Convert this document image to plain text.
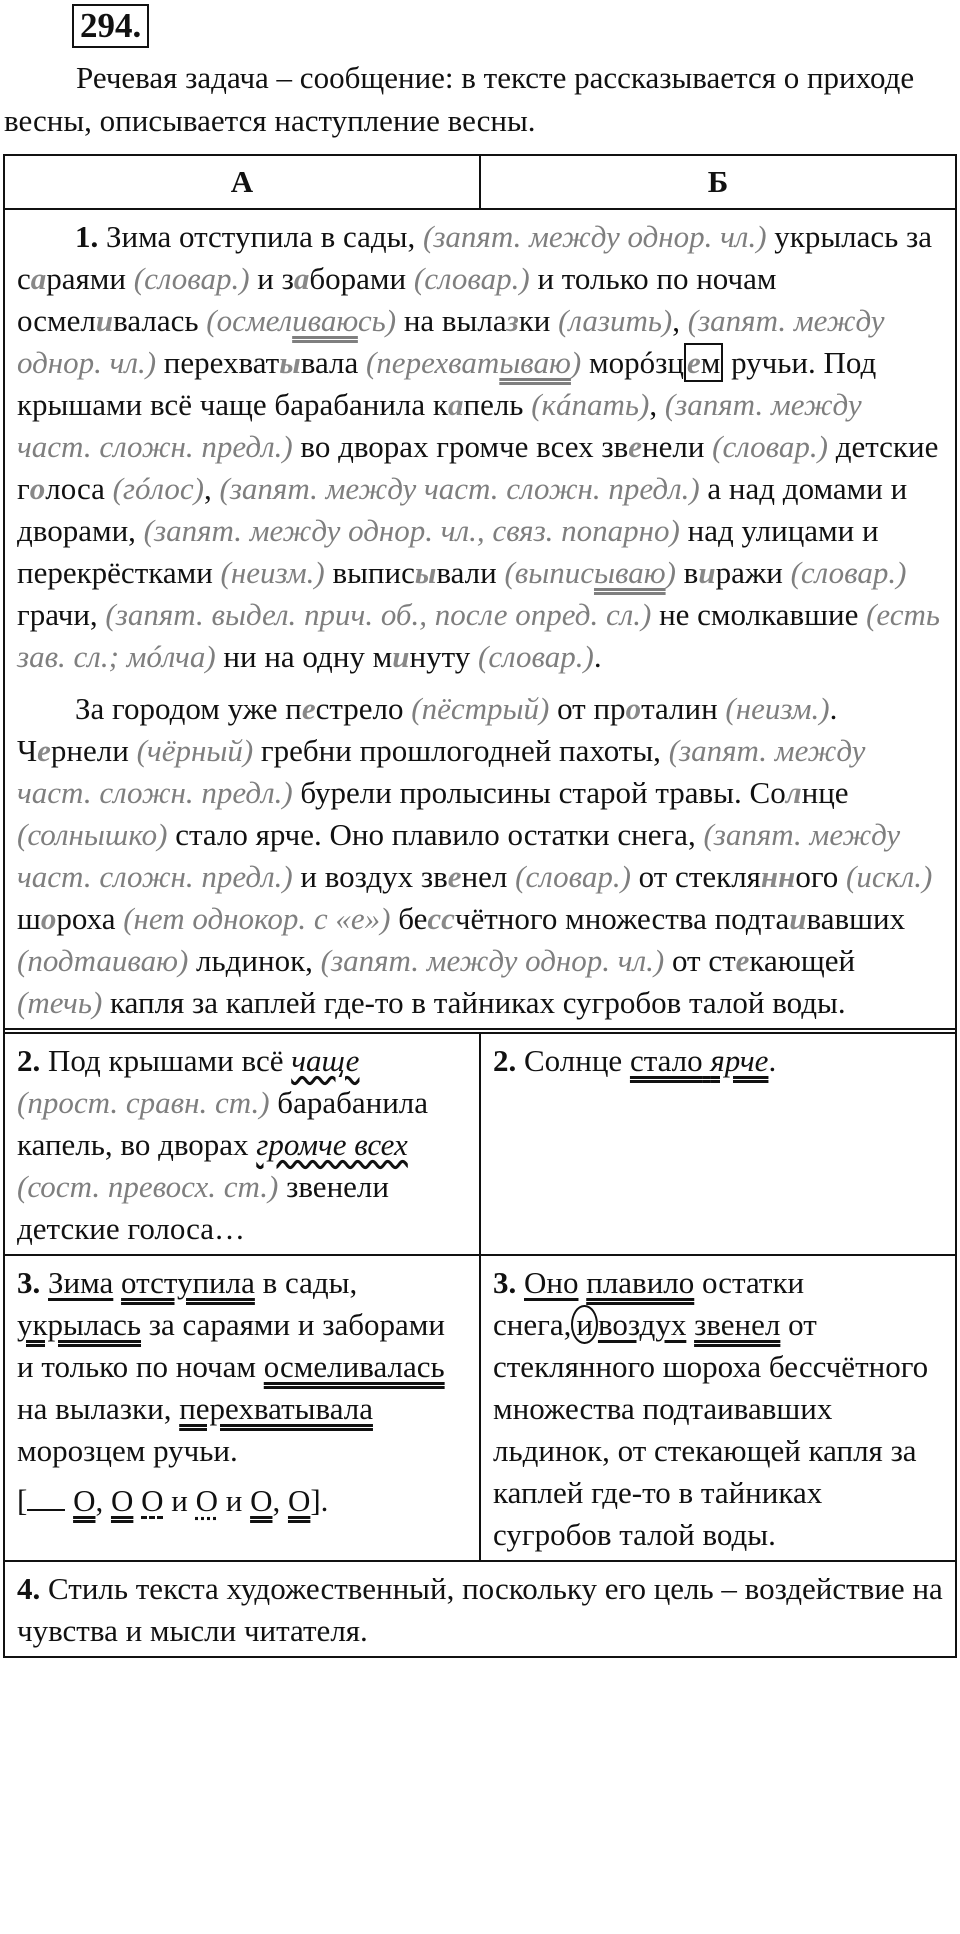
294.

Речевая задача – сообщение: в тексте рассказывается о приходе весны, описывается наступление весны.

А	Б

1. Зима отступила в сады, (запят. между однор. чл.) укрылась за сараями (словар.) и заборами (словар.) и только по ночам осмеливалась (осмеливаюсь) на вылазки (лазить), (запят. между однор. чл.) перехватывала (перехватываю) морóзцем ручьи. Под крышами всё чаще барабанила капель (кáпать), (запят. между част. сложн. предл.) во дворах громче всех звенели (словар.) детские голоса (гóлос), (запят. между част. сложн. предл.) а над домами и дворами, (запят. между однор. чл., связ. попарно) над улицами и перекрёстками (неизм.) выписывали (выписываю) виражи (словар.) грачи, (запят. выдел. прич. об., после опред. сл.) не смолкавшие (есть зав. сл.; мóлча) ни на одну минуту (словар.).

За городом уже пестрело (пёстрый) от проталин (неизм.). Чернели (чёрный) гребни прошлогодней пахоты, (запят. между част. сложн. предл.) бурели пролысины старой травы. Солнце (солнышко) стало ярче. Оно плавило остатки снега, (запят. между част. сложн. предл.) и воздух звенел (словар.) от стеклянного (искл.) шороха (нет однокор. с «е») бессчётного множества подтаивавших (подтаиваю) льдинок, (запят. между однор. чл.) от стекающей (течь) капля за каплей где-то в тайниках сугробов талой воды.	

2. Под крышами всё чаще (прост. сравн. ст.) барабанила капель, во дворах громче всех (сост. превосх. ст.) звенели детские голоса…	2. Солнце стало ярче.

3. Зима отступила в сады, укрылась за сараями и заборами и только по ночам осмеливалась на вылазки, перехватывала морозцем ручьи.
[ О, О О и О и О, О].	3. Оно плавило остатки снега, и воздух звенел от стеклянного шороха бессчётного множества подтаивавших льдинок, от стекающей капля за каплей где-то в тайниках сугробов талой воды.
4. Стиль текста художественный, поскольку его цель – воздействие на чувства и мысли читателя.	
